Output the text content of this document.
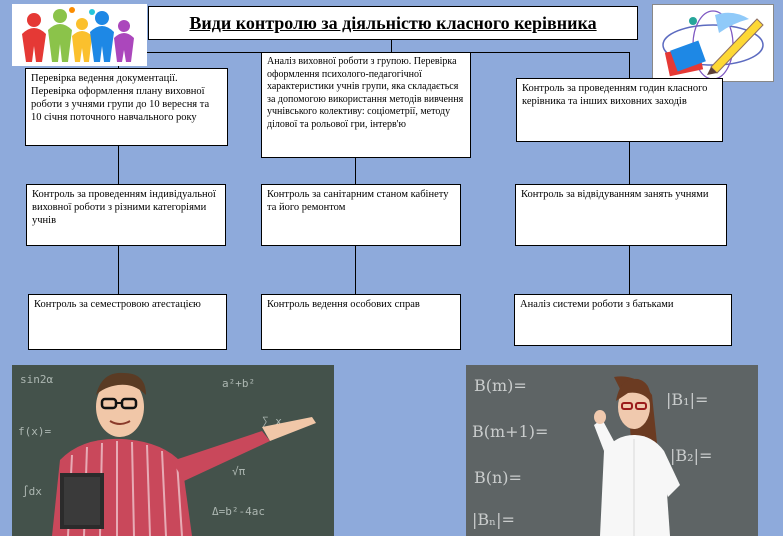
Види контролю за діяльністю класного керівника
Перевірка ведення документації. Перевірка оформлення плану виховної роботи з учнями групи до 10 вересня та 10 січня поточного навчального року
Аналіз виховної роботи з групою. Перевірка оформлення психолого-педагогічної характеристики учнів групи, яка складається за допомогою використання методів вивчення учнівського колективу: соціометрії, методу ділової та рольової гри, інтерв'ю
Контроль за проведенням годин класного керівника та інших виховних заходів
Контроль за проведенням індивідуальної виховної роботи з різними категоріями учнів
Контроль за санітарним станом кабінету та його ремонтом
Контроль за відвідуванням занять учнями
Контроль за семестровою атестацією	Контроль ведення особових справ	Аналіз системи роботи з батьками
sin2α	a²+b²
∑ x
f(x)=
√π
∫dx
Δ=b²-4ac
B(m)=
B(m+1)=
B(n)=
|B₁|=
|B₂|=
|Bₙ|=
